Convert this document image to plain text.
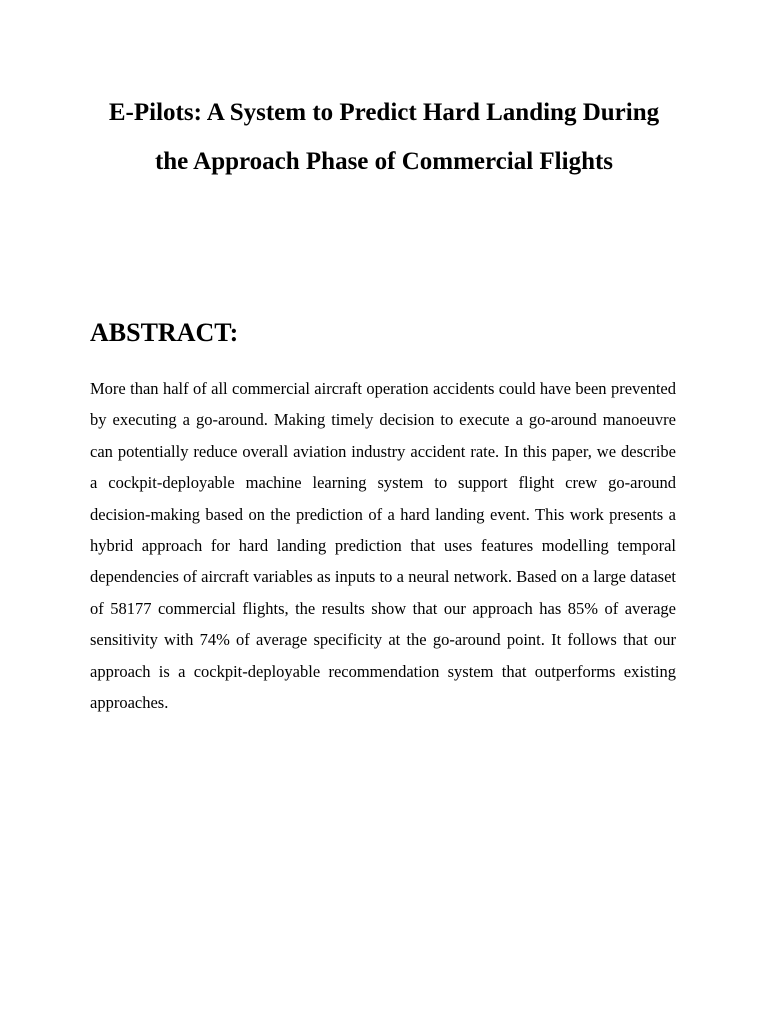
E-Pilots: A System to Predict Hard Landing During the Approach Phase of Commercial Flights
ABSTRACT:

More than half of all commercial aircraft operation accidents could have been prevented by executing a go-around. Making timely decision to execute a go-around manoeuvre can potentially reduce overall aviation industry accident rate. In this paper, we describe a cockpit-deployable machine learning system to support flight crew go-around decision-making based on the prediction of a hard landing event. This work presents a hybrid approach for hard landing prediction that uses features modelling temporal dependencies of aircraft variables as inputs to a neural network. Based on a large dataset of 58177 commercial flights, the results show that our approach has 85% of average sensitivity with 74% of average specificity at the go-around point. It follows that our approach is a cockpit-deployable recommendation system that outperforms existing approaches.
